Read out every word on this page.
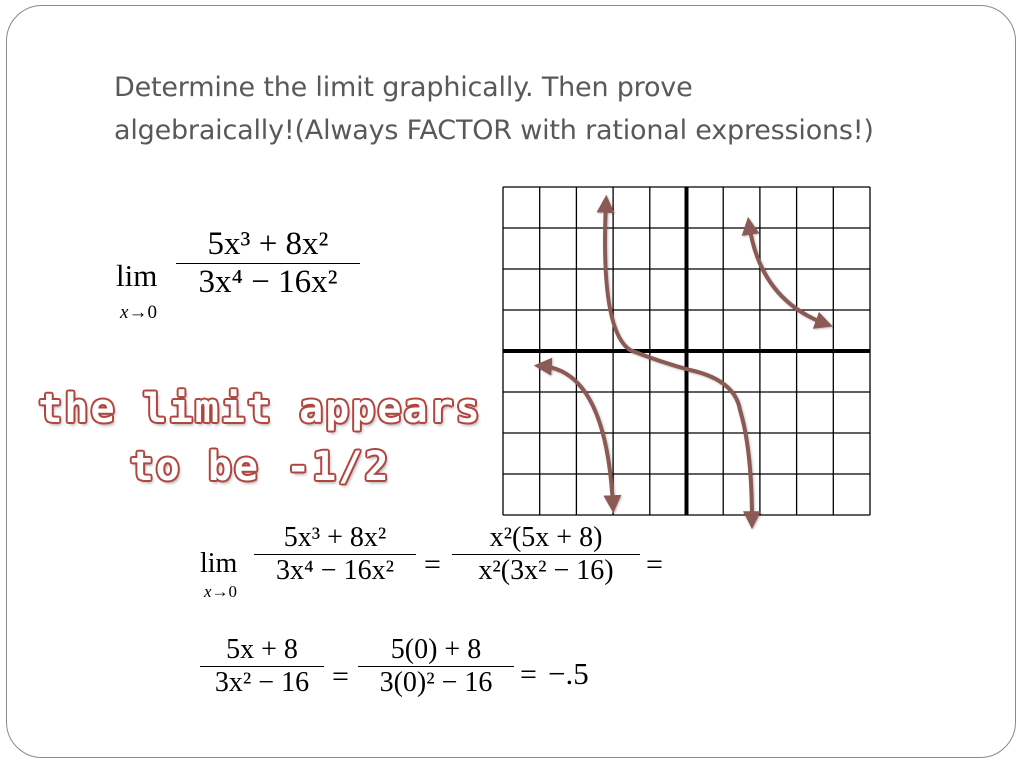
Determine the limit graphically. Then prove
algebraically!(Always FACTOR with rational expressions!)
lim
x→0
5x³ + 8x²
3x⁴ − 16x²
the limit appears
to be -1/2
lim
x→0
5x³ + 8x²
3x⁴ − 16x²	=
x²(5x + 8)
x²(3x² − 16)	=
5x + 8
3x² − 16 =
5(0) + 8
3(0)² − 16 = −.5
